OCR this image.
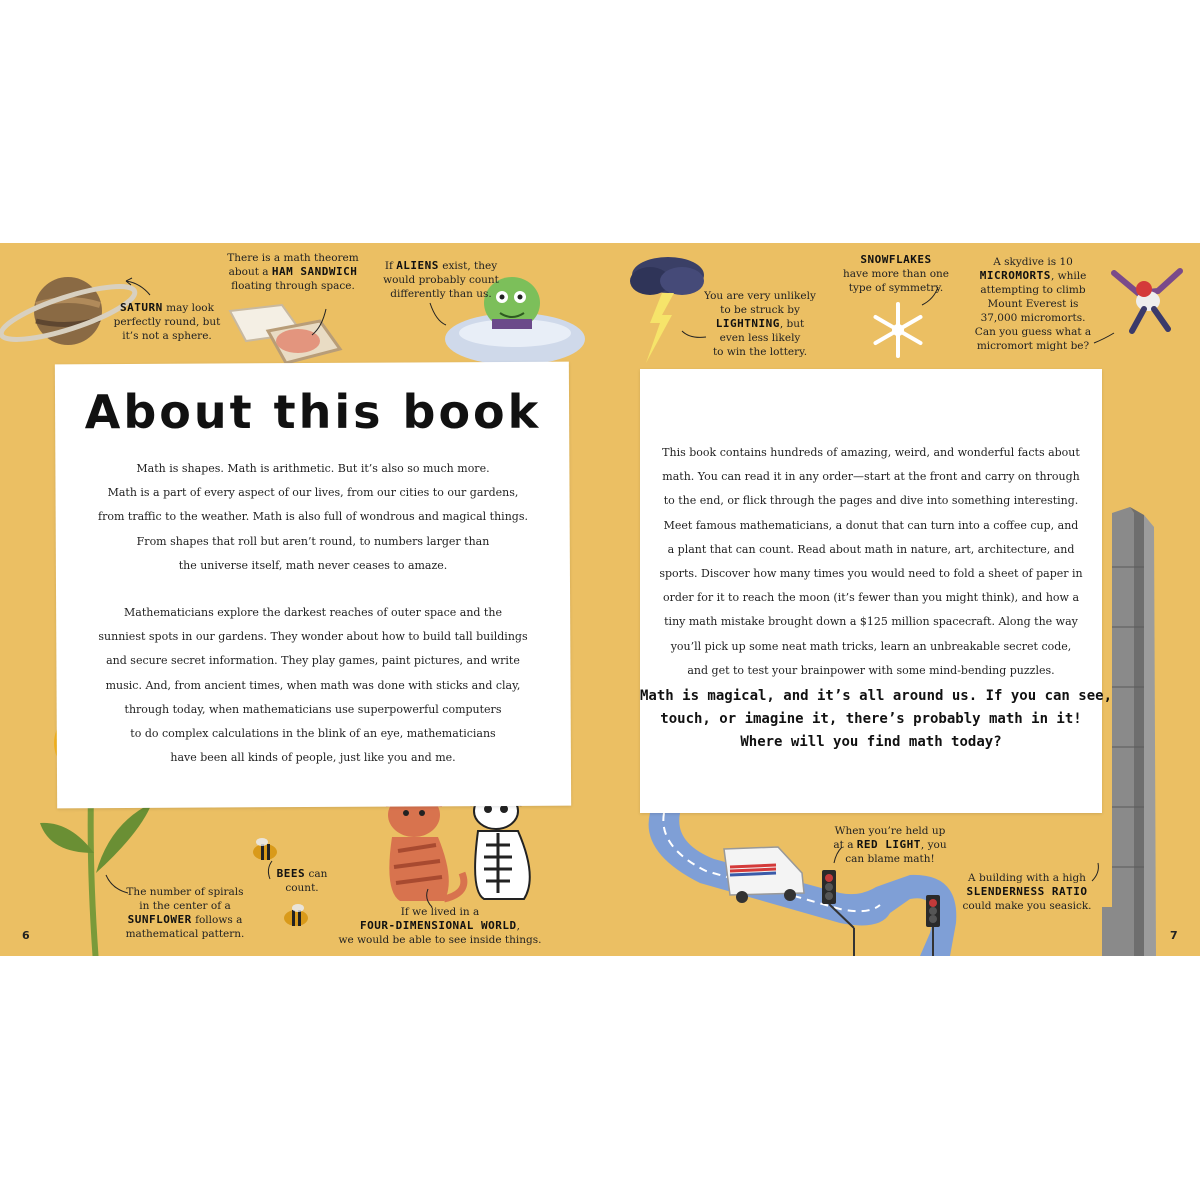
About this book

Math is shapes. Math is arithmetic. But it’s also so much more.
Math is a part of every aspect of our lives, from our cities to our gardens,
from traffic to the weather. Math is also full of wondrous and magical things.
From shapes that roll but aren’t round, to numbers larger than
the universe itself, math never ceases to amaze.

Mathematicians explore the darkest reaches of outer space and the
sunniest spots in our gardens. They wonder about how to build tall buildings
and secure secret information. They play games, paint pictures, and write
music. And, from ancient times, when math was done with sticks and clay,
through today, when mathematicians use superpowerful computers
to do complex calculations in the blink of an eye, mathematicians
have been all kinds of people, just like you and me.

This book contains hundreds of amazing, weird, and wonderful facts about
math. You can read it in any order—start at the front and carry on through
to the end, or flick through the pages and dive into something interesting.
Meet famous mathematicians, a donut that can turn into a coffee cup, and
a plant that can count. Read about math in nature, art, architecture, and
sports. Discover how many times you would need to fold a sheet of paper in
order for it to reach the moon (it’s fewer than you might think), and how a
tiny math mistake brought down a $125 million spacecraft. Along the way
you’ll pick up some neat math tricks, learn an unbreakable secret code,
and get to test your brainpower with some mind-bending puzzles.

Math is magical, and it’s all around us. If you can see,
touch, or imagine it, there’s probably math in it!
Where will you find math today?
SATURN may look
perfectly round, but
it’s not a sphere.
There is a math theorem
about a HAM SANDWICH
floating through space.
If ALIENS exist, they
would probably count
differently than us.	You are very unlikely
to be struck by
LIGHTNING, but
even less likely
to win the lottery.
SNOWFLAKES
have more than one
type of symmetry.
A skydive is 10
MICROMORTS, while
attempting to climb
Mount Everest is
37,000 micromorts.
Can you guess what a
micromort might be?
The number of spirals
in the center of a
SUNFLOWER follows a
mathematical pattern.
BEES can
count.
If we lived in a
FOUR-DIMENSIONAL WORLD,
we would be able to see inside things.
When you’re held up
at a RED LIGHT, you
can blame math!
A building with a high
SLENDERNESS RATIO
could make you seasick.
6	7
